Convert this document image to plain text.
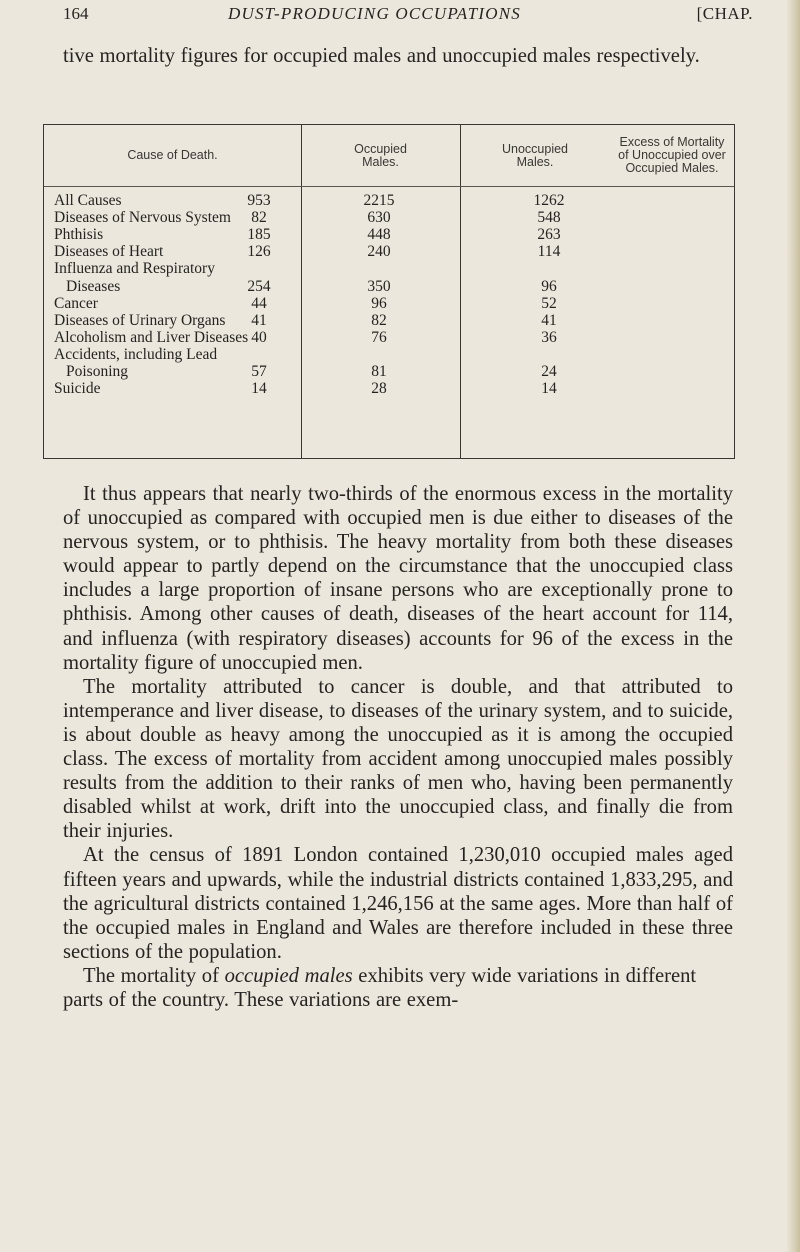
164	DUST-PRODUCING OCCUPATIONS	[CHAP.
tive mortality figures for occupied males and unoccupied males respectively.
Cause of Death.	Occupied Males.
Unoccupied Males.
Excess of Mortality of Unoccupied over Occupied Males.
All Causes	953	2215	1262
Diseases of Nervous System	82	630	548
Phthisis	185	448	263
Diseases of Heart	126	240	114
Influenza and Respiratory
Diseases	254	350	96
Cancer	44	96	52
Diseases of Urinary Organs	41	82	41
Alcoholism and Liver Diseases 40	76	36
Accidents, including Lead
Poisoning	57	81	24
Suicide	14	28	14

It thus appears that nearly two-thirds of the enormous excess in the mortality of unoccupied as compared with occupied men is due either to diseases of the nervous system, or to phthisis. The heavy mortality from both these diseases would appear to partly depend on the circumstance that the unoccupied class includes a large proportion of insane persons who are exceptionally prone to phthisis. Among other causes of death, diseases of the heart account for 114, and influenza (with respiratory diseases) accounts for 96 of the excess in the mortality figure of unoccupied men.

The mortality attributed to cancer is double, and that attributed to intemperance and liver disease, to diseases of the urinary system, and to suicide, is about double as heavy among the unoccupied as it is among the occupied class. The excess of mortality from accident among unoccupied males possibly results from the addition to their ranks of men who, having been permanently disabled whilst at work, drift into the unoccupied class, and finally die from their injuries.

At the census of 1891 London contained 1,230,010 occupied males aged fifteen years and upwards, while the industrial districts contained 1,833,295, and the agricultural districts contained 1,246,156 at the same ages. More than half of the occupied males in England and Wales are therefore included in these three sections of the population.

The mortality of occupied males exhibits very wide variations in different parts of the country. These variations are exem-
